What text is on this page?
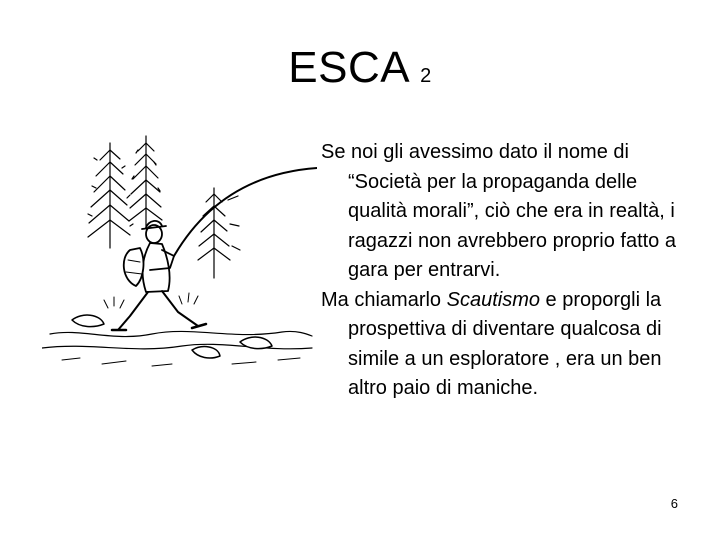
ESCA 2

Se noi gli avessimo dato il nome di “Società per la propaganda delle qualità morali”, ciò che era in realtà, i ragazzi non avrebbero proprio fatto a gara per entrarvi.

Ma chiamarlo Scautismo e proporgli la prospettiva di diventare qualcosa di simile a un esploratore , era un ben altro paio di maniche.

6
